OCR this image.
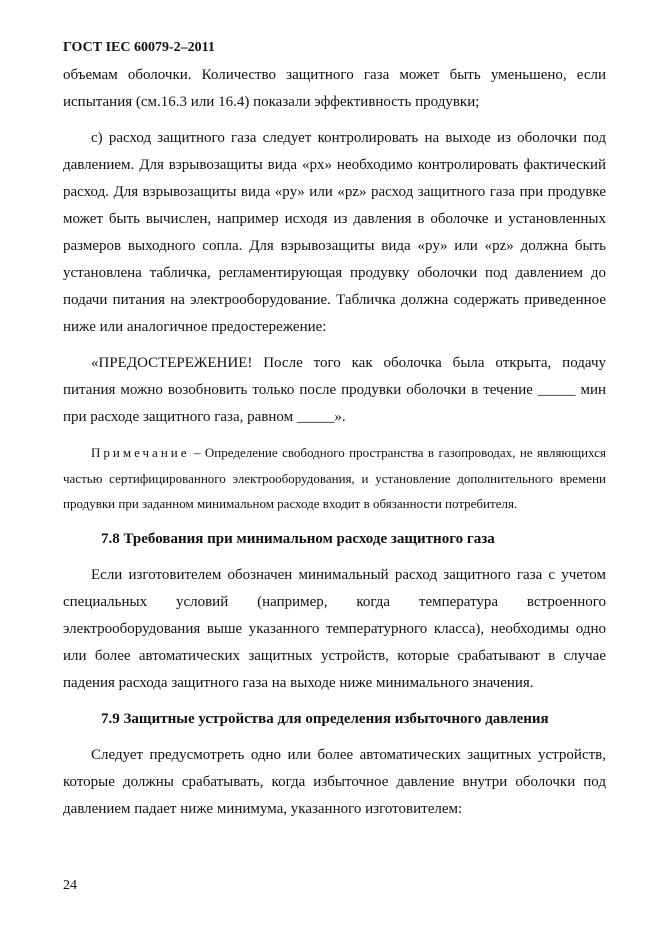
ГОСТ IEC 60079-2–2011

объемам оболочки. Количество защитного газа может быть уменьшено, если испытания (см.16.3 или 16.4) показали эффективность продувки;

c) расход защитного газа следует контролировать на выходе из оболочки под давлением. Для взрывозащиты вида «px» необходимо контролировать фактический расход. Для взрывозащиты вида «py» или «pz» расход защитного газа при продувке может быть вычислен, например исходя из давления в оболочке и установленных размеров выходного сопла. Для взрывозащиты вида «py» или «pz» должна быть установлена табличка, регламентирующая продувку оболочки под давлением до подачи питания на электрооборудование. Табличка должна содержать приведенное ниже или аналогичное предостережение:

«ПРЕДОСТЕРЕЖЕНИЕ! После того как оболочка была открыта, подачу питания можно возобновить только после продувки оболочки в течение _____ мин при расходе защитного газа, равном _____».

Примечание – Определение свободного пространства в газопроводах, не являющихся частью сертифицированного электрооборудования, и установление дополнительного времени продувки при заданном минимальном расходе входит в обязанности потребителя.

7.8 Требования при минимальном расходе защитного газа

Если изготовителем обозначен минимальный расход защитного газа с учетом специальных условий (например, когда температура встроенного электрооборудования выше указанного температурного класса), необходимы одно или более автоматических защитных устройств, которые срабатывают в случае падения расхода защитного газа на выходе ниже минимального значения.

7.9 Защитные устройства для определения избыточного давления

Следует предусмотреть одно или более автоматических защитных устройств, которые должны срабатывать, когда избыточное давление внутри оболочки под давлением падает ниже минимума, указанного изготовителем:

24
